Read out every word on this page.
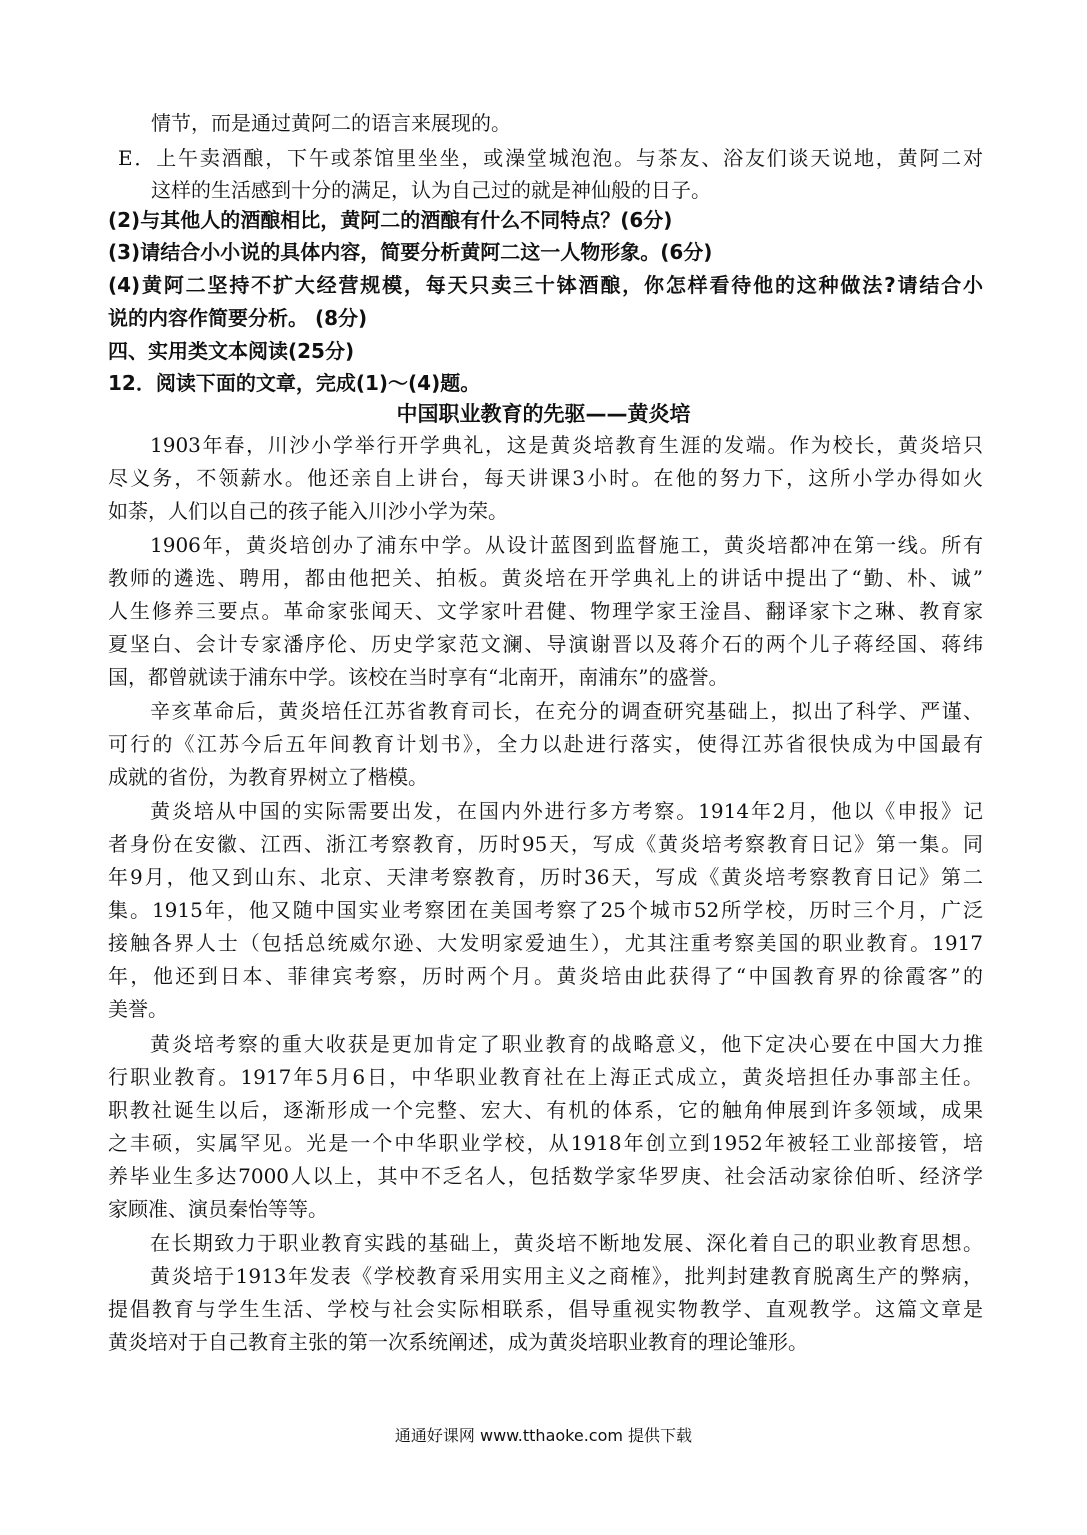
情节，而是通过黄阿二的语言来展现的。
E．上午卖酒酿，下午或茶馆里坐坐，或澡堂城泡泡。与茶友、浴友们谈天说地，黄阿二对
这样的生活感到十分的满足，认为自己过的就是神仙般的日子。
(2)与其他人的酒酿相比，黄阿二的酒酿有什么不同特点？(6分)
(3)请结合小小说的具体内容，简要分析黄阿二这一人物形象。(6分)
(4)黄阿二坚持不扩大经营规模，每天只卖三十钵酒酿，你怎样看待他的这种做法?请结合小
说的内容作简要分析。 (8分)
四、实用类文本阅读(25分)
12．阅读下面的文章，完成(1)～(4)题。
中国职业教育的先驱——黄炎培
1903年春，川沙小学举行开学典礼，这是黄炎培教育生涯的发端。作为校长，黄炎培只
尽义务，不领薪水。他还亲自上讲台，每天讲课3小时。在他的努力下，这所小学办得如火
如荼，人们以自己的孩子能入川沙小学为荣。
1906年，黄炎培创办了浦东中学。从设计蓝图到监督施工，黄炎培都冲在第一线。所有
教师的遴选、聘用，都由他把关、拍板。黄炎培在开学典礼上的讲话中提出了“勤、朴、诚”
人生修养三要点。革命家张闻天、文学家叶君健、物理学家王淦昌、翻译家卞之琳、教育家
夏坚白、会计专家潘序伦、历史学家范文澜、导演谢晋以及蒋介石的两个儿子蒋经国、蒋纬
国，都曾就读于浦东中学。该校在当时享有“北南开，南浦东”的盛誉。
辛亥革命后，黄炎培任江苏省教育司长，在充分的调查研究基础上，拟出了科学、严谨、
可行的《江苏今后五年间教育计划书》，全力以赴进行落实，使得江苏省很快成为中国最有
成就的省份，为教育界树立了楷模。
黄炎培从中国的实际需要出发，在国内外进行多方考察。1914年2月，他以《申报》记
者身份在安徽、江西、浙江考察教育，历时95天，写成《黄炎培考察教育日记》第一集。同
年9月，他又到山东、北京、天津考察教育，历时36天，写成《黄炎培考察教育日记》第二
集。1915年，他又随中国实业考察团在美国考察了25个城市52所学校，历时三个月，广泛
接触各界人士（包括总统威尔逊、大发明家爱迪生），尤其注重考察美国的职业教育。1917
年，他还到日本、菲律宾考察，历时两个月。黄炎培由此获得了“中国教育界的徐霞客”的
美誉。
黄炎培考察的重大收获是更加肯定了职业教育的战略意义，他下定决心要在中国大力推
行职业教育。1917年5月6日，中华职业教育社在上海正式成立，黄炎培担任办事部主任。
职教社诞生以后，逐渐形成一个完整、宏大、有机的体系，它的触角伸展到许多领域，成果
之丰硕，实属罕见。光是一个中华职业学校，从1918年创立到1952年被轻工业部接管，培
养毕业生多达7000人以上，其中不乏名人，包括数学家华罗庚、社会活动家徐伯昕、经济学
家顾准、演员秦怡等等。
在长期致力于职业教育实践的基础上，黄炎培不断地发展、深化着自己的职业教育思想。
黄炎培于1913年发表《学校教育采用实用主义之商榷》，批判封建教育脱离生产的弊病，
提倡教育与学生生活、学校与社会实际相联系，倡导重视实物教学、直观教学。这篇文章是
黄炎培对于自己教育主张的第一次系统阐述，成为黄炎培职业教育的理论雏形。
通通好课网 www.tthaoke.com 提供下载
